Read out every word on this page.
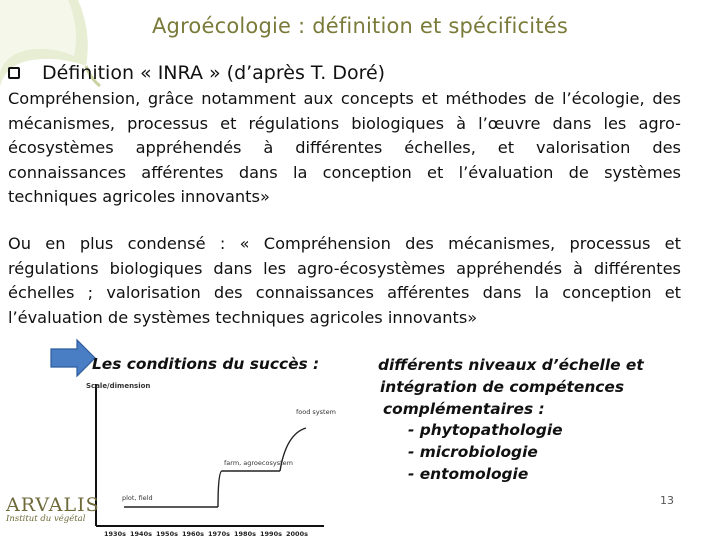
Agroécologie : définition et spécificités
Définition « INRA » (d’après T. Doré)
Compréhension, grâce notamment aux concepts et méthodes de l’écologie, des mécanismes, processus et régulations biologiques à l’œuvre dans les agro-écosystèmes appréhendés à différentes échelles, et valorisation des connaissances afférentes dans la conception et l’évaluation de systèmes techniques agricoles innovants»
Ou en plus condensé : « Compréhension des mécanismes, processus et régulations biologiques dans les agro-écosystèmes appréhendés à différentes échelles ; valorisation des connaissances afférentes dans la conception et l’évaluation de systèmes techniques agricoles innovants»
Scale/dimension
plot, field
farm, agroecosystem
food system
1930s 1940s 1950s 1960s 1970s 1980s 1990s 2000s
Les conditions du succès :	différents niveaux d’échelle et
intégration de compétences
complémentaires :
- phytopathologie
- microbiologie
- entomologie
ARVALIS
Institut du végétal
13
